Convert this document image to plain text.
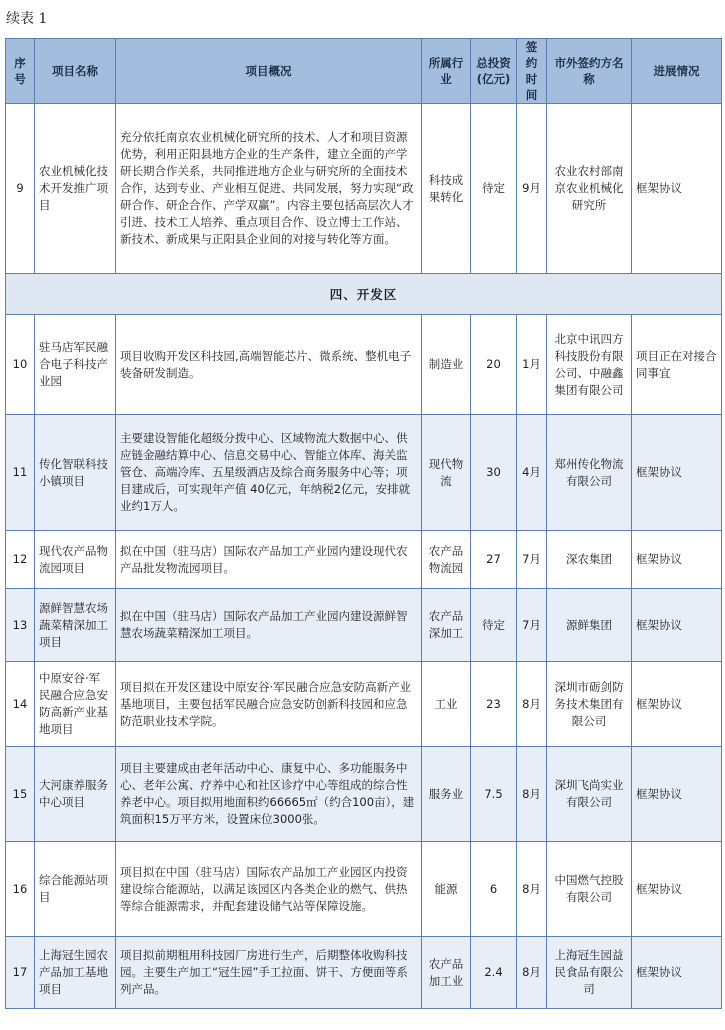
续表 1
序号	项目名称	项目概况	所属行业	总投资(亿元)	签约时间	市外签约方名称	进展情况
9	农业机械化技术开发推广项目	充分依托南京农业机械化研究所的技术、人才和项目资源优势，利用正阳县地方企业的生产条件，建立全面的产学研长期合作关系，共同推进地方企业与研究所的全面技术合作，达到专业、产业相互促进、共同发展，努力实现“政研合作、研企合作、产学双赢”。内容主要包括高层次人才引进、技术工人培养、重点项目合作、设立博士工作站、新技术、新成果与正阳县企业间的对接与转化等方面。	科技成果转化	待定	9月	农业农村部南京农业机械化研究所	框架协议
四、开发区							
10	驻马店军民融合电子科技产业园	项目收购开发区科技园,高端智能芯片、微系统、整机电子装备研发制造。	制造业	20	1月	北京中讯四方科技股份有限公司、中融鑫集团有限公司	项目正在对接合同事宜
11	传化智联科技小镇项目	主要建设智能化超级分拨中心、区域物流大数据中心、供应链金融结算中心、信息交易中心、智能立体库、海关监管仓、高端冷库、五星级酒店及综合商务服务中心等；项目建成后，可实现年产值 40亿元，年纳税2亿元，安排就业约1万人。	现代物流	30	4月	郑州传化物流有限公司	框架协议
12	现代农产品物流园项目	拟在中国（驻马店）国际农产品加工产业园内建设现代农产品批发物流园项目。	农产品物流园	27	7月	深农集团	框架协议
13	源鲜智慧农场蔬菜精深加工项目	拟在中国（驻马店）国际农产品加工产业园内建设源鲜智慧农场蔬菜精深加工项目。	农产品深加工	待定	7月	源鲜集团	框架协议
14	中原安谷·军民融合应急安防高新产业基地项目	项目拟在开发区建设中原安谷·军民融合应急安防高新产业基地项目，主要包括军民融合应急安防创新科技园和应急防范职业技术学院。	工业	23	8月	深圳市砺剑防务技术集团有限公司	框架协议
15	大河康养服务中心项目	项目主要建成由老年活动中心、康复中心、多功能服务中心、老年公寓、疗养中心和社区诊疗中心等组成的综合性养老中心。项目拟用地面积约66665㎡（约合100亩），建筑面积15万平方米，设置床位3000张。	服务业	7.5	8月	深圳飞尚实业有限公司	框架协议
16	综合能源站项目	项目拟在中国（驻马店）国际农产品加工产业园区内投资建设综合能源站，以满足该园区内各类企业的燃气、供热等综合能源需求，并配套建设储气站等保障设施。	能源	6	8月	中国燃气控股有限公司	框架协议
17	上海冠生园农产品加工基地项目	项目拟前期租用科技园厂房进行生产，后期整体收购科技园。主要生产加工“冠生园”手工拉面、饼干、方便面等系列产品。	农产品加工业	2.4	8月	上海冠生园益民食品有限公司	框架协议
